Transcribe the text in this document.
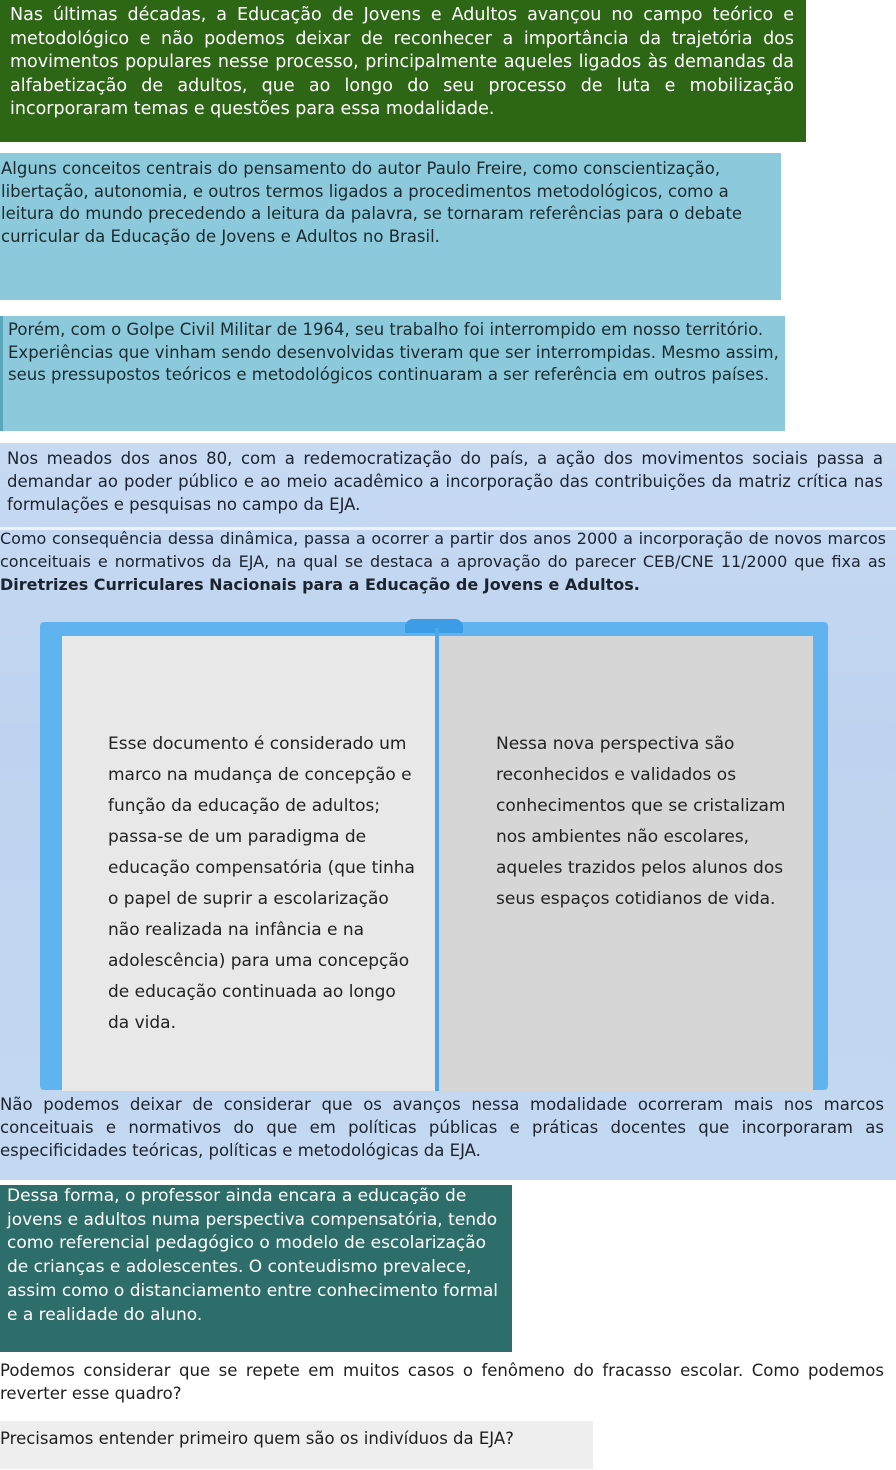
Nas últimas décadas, a Educação de Jovens e Adultos avançou no campo teórico e metodológico e não podemos deixar de reconhecer a importância da trajetória dos movimentos populares nesse processo, principalmente aqueles ligados às demandas da alfabetização de adultos, que ao longo do seu processo de luta e mobilização incorporaram temas e questões para essa modalidade.

Alguns conceitos centrais do pensamento do autor Paulo Freire, como conscientização, libertação, autonomia, e outros termos ligados a procedimentos metodológicos, como a leitura do mundo precedendo a leitura da palavra, se tornaram referências para o debate curricular da Educação de Jovens e Adultos no Brasil.

Porém, com o Golpe Civil Militar de 1964, seu trabalho foi interrompido em nosso território. Experiências que vinham sendo desenvolvidas tiveram que ser interrompidas. Mesmo assim, seus pressupostos teóricos e metodológicos continuaram a ser referência em outros países.

Nos meados dos anos 80, com a redemocratização do país, a ação dos movimentos sociais passa a demandar ao poder público e ao meio acadêmico a incorporação das contribuições da matriz crítica nas formulações e pesquisas no campo da EJA.

Como consequência dessa dinâmica, passa a ocorrer a partir dos anos 2000 a incorporação de novos marcos conceituais e normativos da EJA, na qual se destaca a aprovação do parecer CEB/CNE 11/2000 que fixa as Diretrizes Curriculares Nacionais para a Educação de Jovens e Adultos.

Esse documento é considerado um marco na mudança de concepção e função da educação de adultos; passa-se de um paradigma de educação compensatória (que tinha o papel de suprir a escolarização não realizada na infância e na adolescência) para uma concepção de educação continuada ao longo da vida.

Nessa nova perspectiva são reconhecidos e validados os conhecimentos que se cristalizam nos ambientes não escolares, aqueles trazidos pelos alunos dos seus espaços cotidianos de vida.

Não podemos deixar de considerar que os avanços nessa modalidade ocorreram mais nos marcos conceituais e normativos do que em políticas públicas e práticas docentes que incorporaram as especificidades teóricas, políticas e metodológicas da EJA.

Dessa forma, o professor ainda encara a educação de jovens e adultos numa perspectiva compensatória, tendo como referencial pedagógico o modelo de escolarização de crianças e adolescentes. O conteudismo prevalece, assim como o distanciamento entre conhecimento formal e a realidade do aluno.

Podemos considerar que se repete em muitos casos o fenômeno do fracasso escolar. Como podemos reverter esse quadro?

Precisamos entender primeiro quem são os indivíduos da EJA?
